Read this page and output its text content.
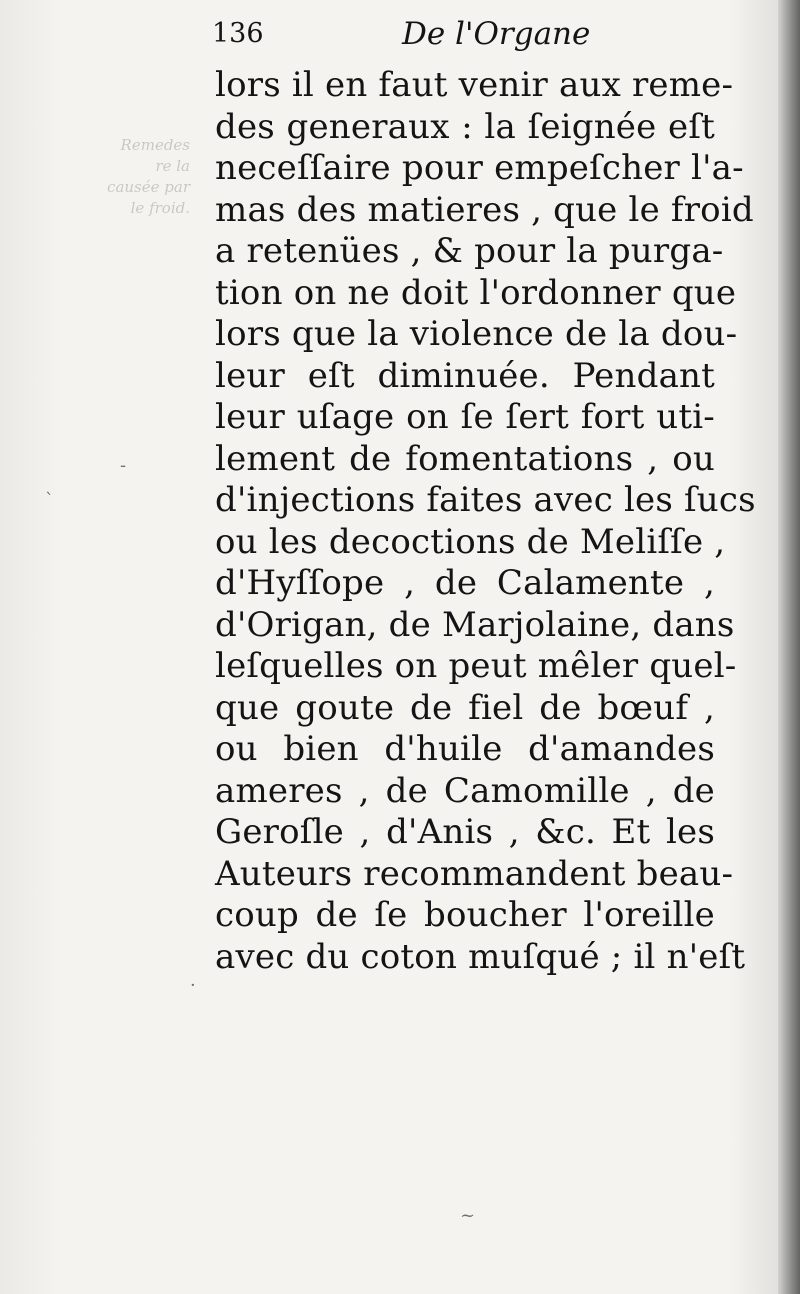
Remedes
re la
causée par
le froid.
136	De l'Organe
lors il en faut venir aux reme-
des generaux : la ſeignée eſt
neceſſaire pour empeſcher l'a-
mas des matieres , que le froid
a retenües , & pour la purga-
tion on ne doit l'ordonner que
lors que la violence de la dou-
leur eſt diminuée. Pendant
leur uſage on ſe ſert fort uti-
lement de fomentations , ou
d'injections faites avec les ſucs
ou les decoctions de Meliſſe ,
d'Hyſſope , de Calamente ,
d'Origan, de Marjolaine, dans
leſquelles on peut mêler quel-
que goute de fiel de bœuf ,
ou bien d'huile d'amandes
ameres , de Camomille , de
Geroſle , d'Anis , &c. Et les
Auteurs recommandent beau-
coup de ſe boucher l'oreille
avec du coton muſqué ; il n'eſt
-
`
·
~
